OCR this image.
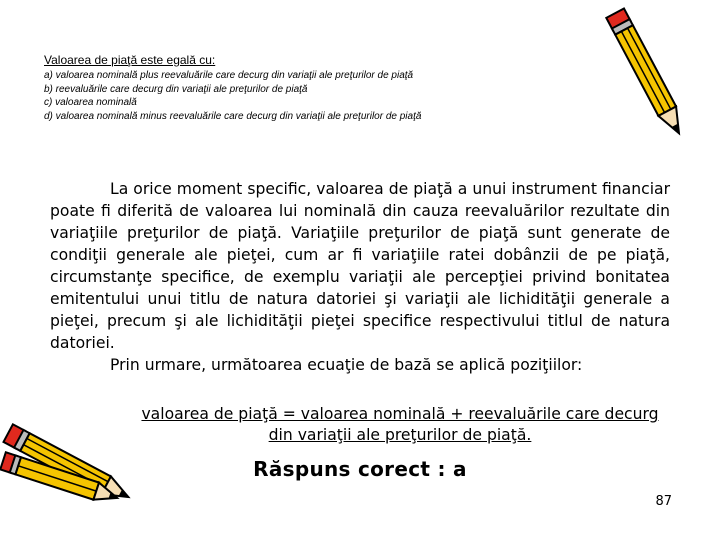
Valoarea de piaţă este egală cu:
a) valoarea nominală plus reevaluările care decurg din variaţii ale preţurilor de piaţă
b) reevaluările care decurg din variaţii ale preţurilor de piaţă
c) valoarea nominală
d) valoarea nominală minus reevaluările care decurg din variaţii ale preţurilor de piaţă

La orice moment specific, valoarea de piaţă a unui instrument financiar poate fi diferită de valoarea lui nominală din cauza reevaluărilor rezultate din variaţiile preţurilor de piaţă. Variaţiile preţurilor de piaţă sunt generate de condiţii generale ale pieţei, cum ar fi variaţiile ratei dobânzii de pe piaţă, circumstanţe specifice, de exemplu variaţii ale percepţiei privind bonitatea emitentului unui titlu de natura datoriei şi variaţii ale lichidităţii generale a pieţei, precum şi ale lichidităţii pieţei specifice respectivului titlul de natura datoriei.

Prin urmare, următoarea ecuaţie de bază se aplică poziţiilor:

valoarea de piaţă = valoarea nominală + reevaluările care decurg din variaţii ale preţurilor de piaţă.
Răspuns corect : a
87
